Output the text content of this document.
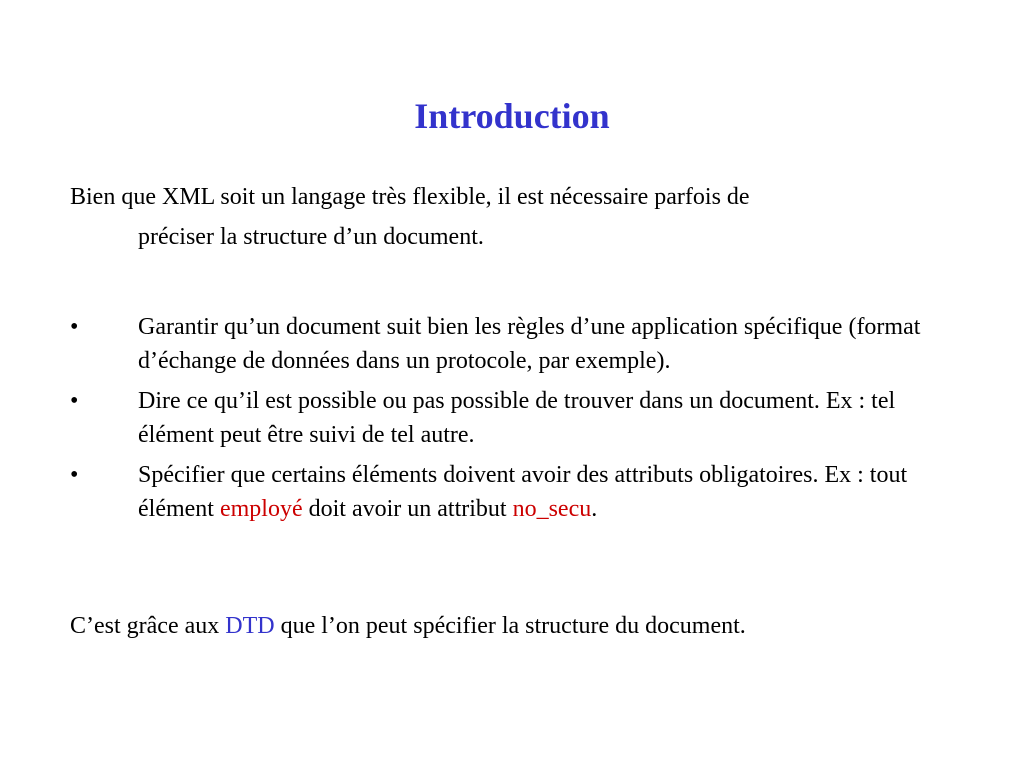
Introduction

Bien que XML soit un langage très flexible, il est nécessaire parfois de
préciser la structure d’un document.

•	Garantir qu’un document suit bien les règles d’une application spécifique (format d’échange de données dans un protocole, par exemple).
•	Dire ce qu’il est possible ou pas possible de trouver dans un document. Ex : tel élément peut être suivi de tel autre.
•	Spécifier que certains éléments doivent avoir des attributs obligatoires. Ex : tout élément employé doit avoir un attribut no_secu.

C’est grâce aux DTD que l’on peut spécifier la structure du document.
